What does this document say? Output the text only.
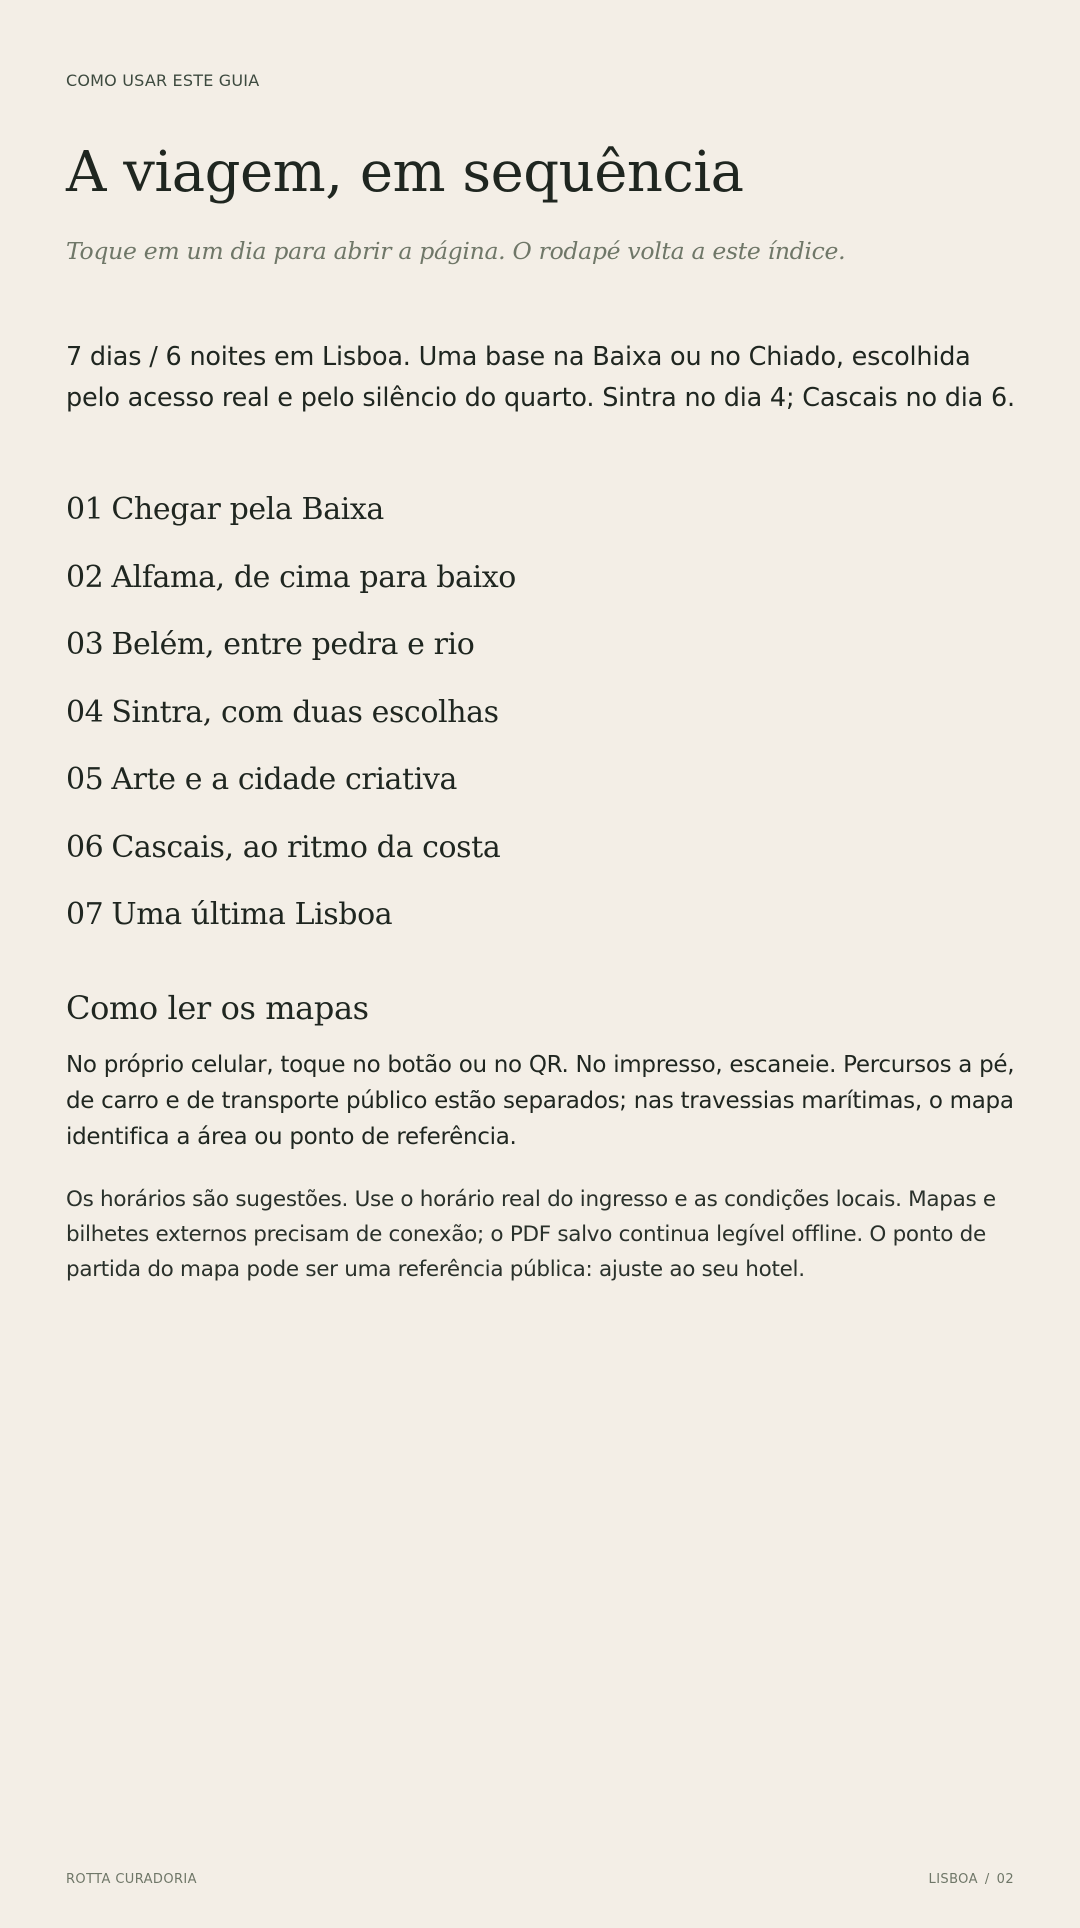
COMO USAR ESTE GUIA
A viagem, em sequência

Toque em um dia para abrir a página. O rodapé volta a este índice.

7 dias / 6 noites em Lisboa. Uma base na Baixa ou no Chiado, escolhida pelo acesso real e pelo silêncio do quarto. Sintra no dia 4; Cascais no dia 6.

01 Chegar pela Baixa
02 Alfama, de cima para baixo
03 Belém, entre pedra e rio
04 Sintra, com duas escolhas
05 Arte e a cidade criativa
06 Cascais, ao ritmo da costa
07 Uma última Lisboa
Como ler os mapas

No próprio celular, toque no botão ou no QR. No impresso, escaneie. Percursos a pé, de carro e de transporte público estão separados; nas travessias marítimas, o mapa identifica a área ou ponto de referência.

Os horários são sugestões. Use o horário real do ingresso e as condições locais. Mapas e bilhetes externos precisam de conexão; o PDF salvo continua legível offline. O ponto de partida do mapa pode ser uma referência pública: ajuste ao seu hotel.

ROTTA CURADORIA	LISBOA / 02
